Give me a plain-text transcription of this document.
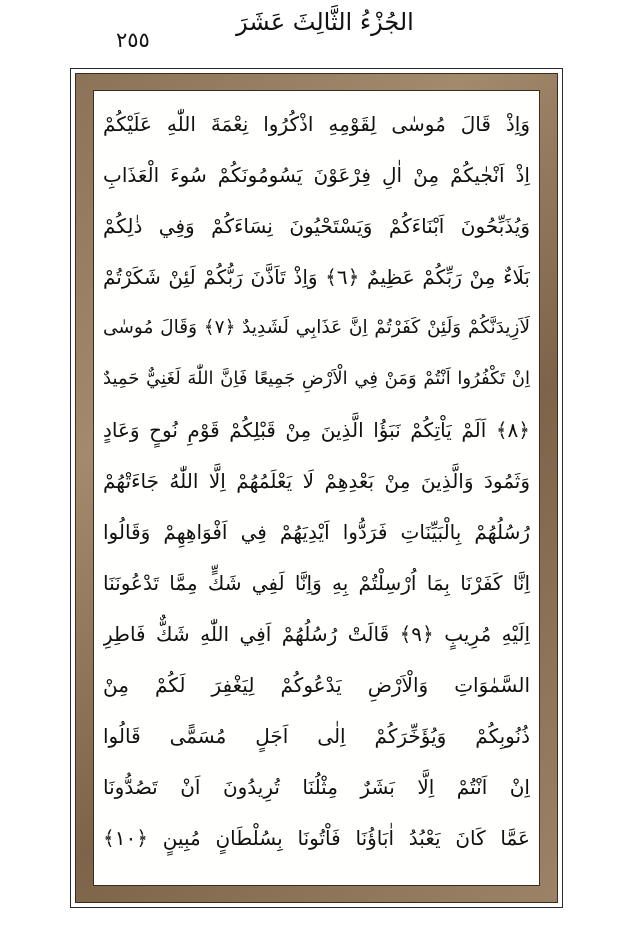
٢٥٥
الجُزْءُ الثَّالِثَ عَشَرَ
وَاِذْ قَالَ مُوسٰى لِقَوْمِهِ اذْكُرُوا نِعْمَةَ اللّٰهِ عَلَيْكُمْ
اِذْ اَنْجٰيكُمْ مِنْ اٰلِ فِرْعَوْنَ يَسُومُونَكُمْ سُوءَ الْعَذَابِ
وَيُذَبِّحُونَ اَبْنَاءَكُمْ وَيَسْتَحْيُونَ نِسَاءَكُمْ وَفِي ذٰلِكُمْ
بَلَاءٌ مِنْ رَبِّكُمْ عَظِيمٌ ﴿٦﴾ وَاِذْ تَاَذَّنَ رَبُّكُمْ لَئِنْ شَكَرْتُمْ
لَاَزِيدَنَّكُمْ وَلَئِنْ كَفَرْتُمْ اِنَّ عَذَابِي لَشَدِيدٌ ﴿٧﴾ وَقَالَ مُوسٰى
اِنْ تَكْفُرُوا اَنْتُمْ وَمَنْ فِي الْاَرْضِ جَمِيعًا فَاِنَّ اللّٰهَ لَغَنِيٌّ حَمِيدٌ
﴿٨﴾ اَلَمْ يَاْتِكُمْ نَبَؤُا الَّذِينَ مِنْ قَبْلِكُمْ قَوْمِ نُوحٍ وَعَادٍ
وَثَمُودَ وَالَّذِينَ مِنْ بَعْدِهِمْ لَا يَعْلَمُهُمْ اِلَّا اللّٰهُ جَاءَتْهُمْ
رُسُلُهُمْ بِالْبَيِّنَاتِ فَرَدُّوا اَيْدِيَهُمْ فِي اَفْوَاهِهِمْ وَقَالُوا
اِنَّا كَفَرْنَا بِمَا اُرْسِلْتُمْ بِهِ وَاِنَّا لَفِي شَكٍّ مِمَّا تَدْعُونَنَا
اِلَيْهِ مُرِيبٍ ﴿٩﴾ قَالَتْ رُسُلُهُمْ اَفِي اللّٰهِ شَكٌّ فَاطِرِ
السَّمٰوَاتِ وَالْاَرْضِ يَدْعُوكُمْ لِيَغْفِرَ لَكُمْ مِنْ
ذُنُوبِكُمْ وَيُؤَخِّرَكُمْ اِلٰى اَجَلٍ مُسَمًّى قَالُوا
اِنْ اَنْتُمْ اِلَّا بَشَرٌ مِثْلُنَا تُرِيدُونَ اَنْ تَصُدُّونَا
عَمَّا كَانَ يَعْبُدُ اٰبَاؤُنَا فَاْتُونَا بِسُلْطَانٍ مُبِينٍ ﴿١٠﴾
